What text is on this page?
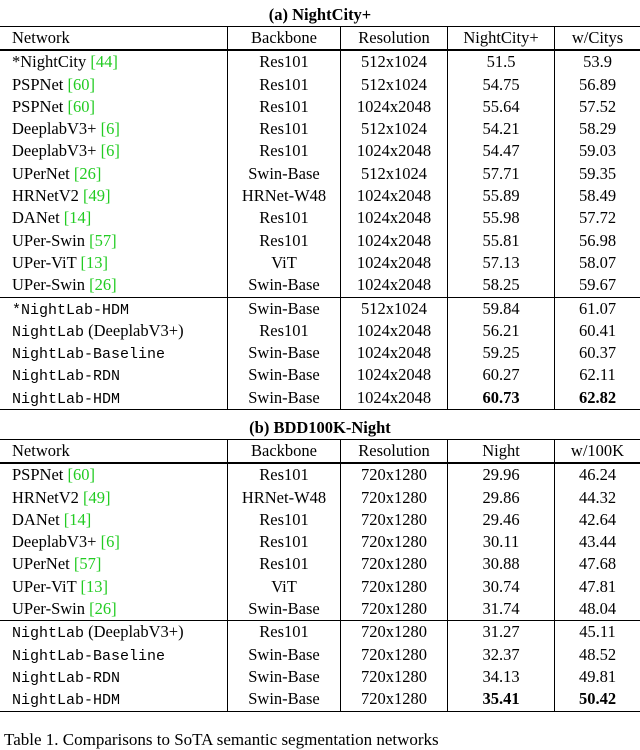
(a) NightCity+
Network	Backbone	Resolution	NightCity+	w/Citys
*NightCity [44]	Res101	512x1024	51.5	53.9
PSPNet [60]	Res101	512x1024	54.75	56.89
PSPNet [60]	Res101	1024x2048	55.64	57.52
DeeplabV3+ [6]	Res101	512x1024	54.21	58.29
DeeplabV3+ [6]	Res101	1024x2048	54.47	59.03
UPerNet [26]	Swin-Base	512x1024	57.71	59.35
HRNetV2 [49]	HRNet-W48	1024x2048	55.89	58.49
DANet [14]	Res101	1024x2048	55.98	57.72
UPer-Swin [57]	Res101	1024x2048	55.81	56.98
UPer-ViT [13]	ViT	1024x2048	57.13	58.07
UPer-Swin [26]	Swin-Base	1024x2048	58.25	59.67
*NightLab-HDM	Swin-Base	512x1024	59.84	61.07
NightLab (DeeplabV3+)	Res101	1024x2048	56.21	60.41
NightLab-Baseline	Swin-Base	1024x2048	59.25	60.37
NightLab-RDN	Swin-Base	1024x2048	60.27	62.11
NightLab-HDM	Swin-Base	1024x2048	60.73	62.82
(b) BDD100K-Night
Network	Backbone	Resolution	Night	w/100K
PSPNet [60]	Res101	720x1280	29.96	46.24
HRNetV2 [49]	HRNet-W48	720x1280	29.86	44.32
DANet [14]	Res101	720x1280	29.46	42.64
DeeplabV3+ [6]	Res101	720x1280	30.11	43.44
UPerNet [57]	Res101	720x1280	30.88	47.68
UPer-ViT [13]	ViT	720x1280	30.74	47.81
UPer-Swin [26]	Swin-Base	720x1280	31.74	48.04
NightLab (DeeplabV3+)	Res101	720x1280	31.27	45.11
NightLab-Baseline	Swin-Base	720x1280	32.37	48.52
NightLab-RDN	Swin-Base	720x1280	34.13	49.81
NightLab-HDM	Swin-Base	720x1280	35.41	50.42
Table 1. Comparisons to SoTA semantic segmentation networks
